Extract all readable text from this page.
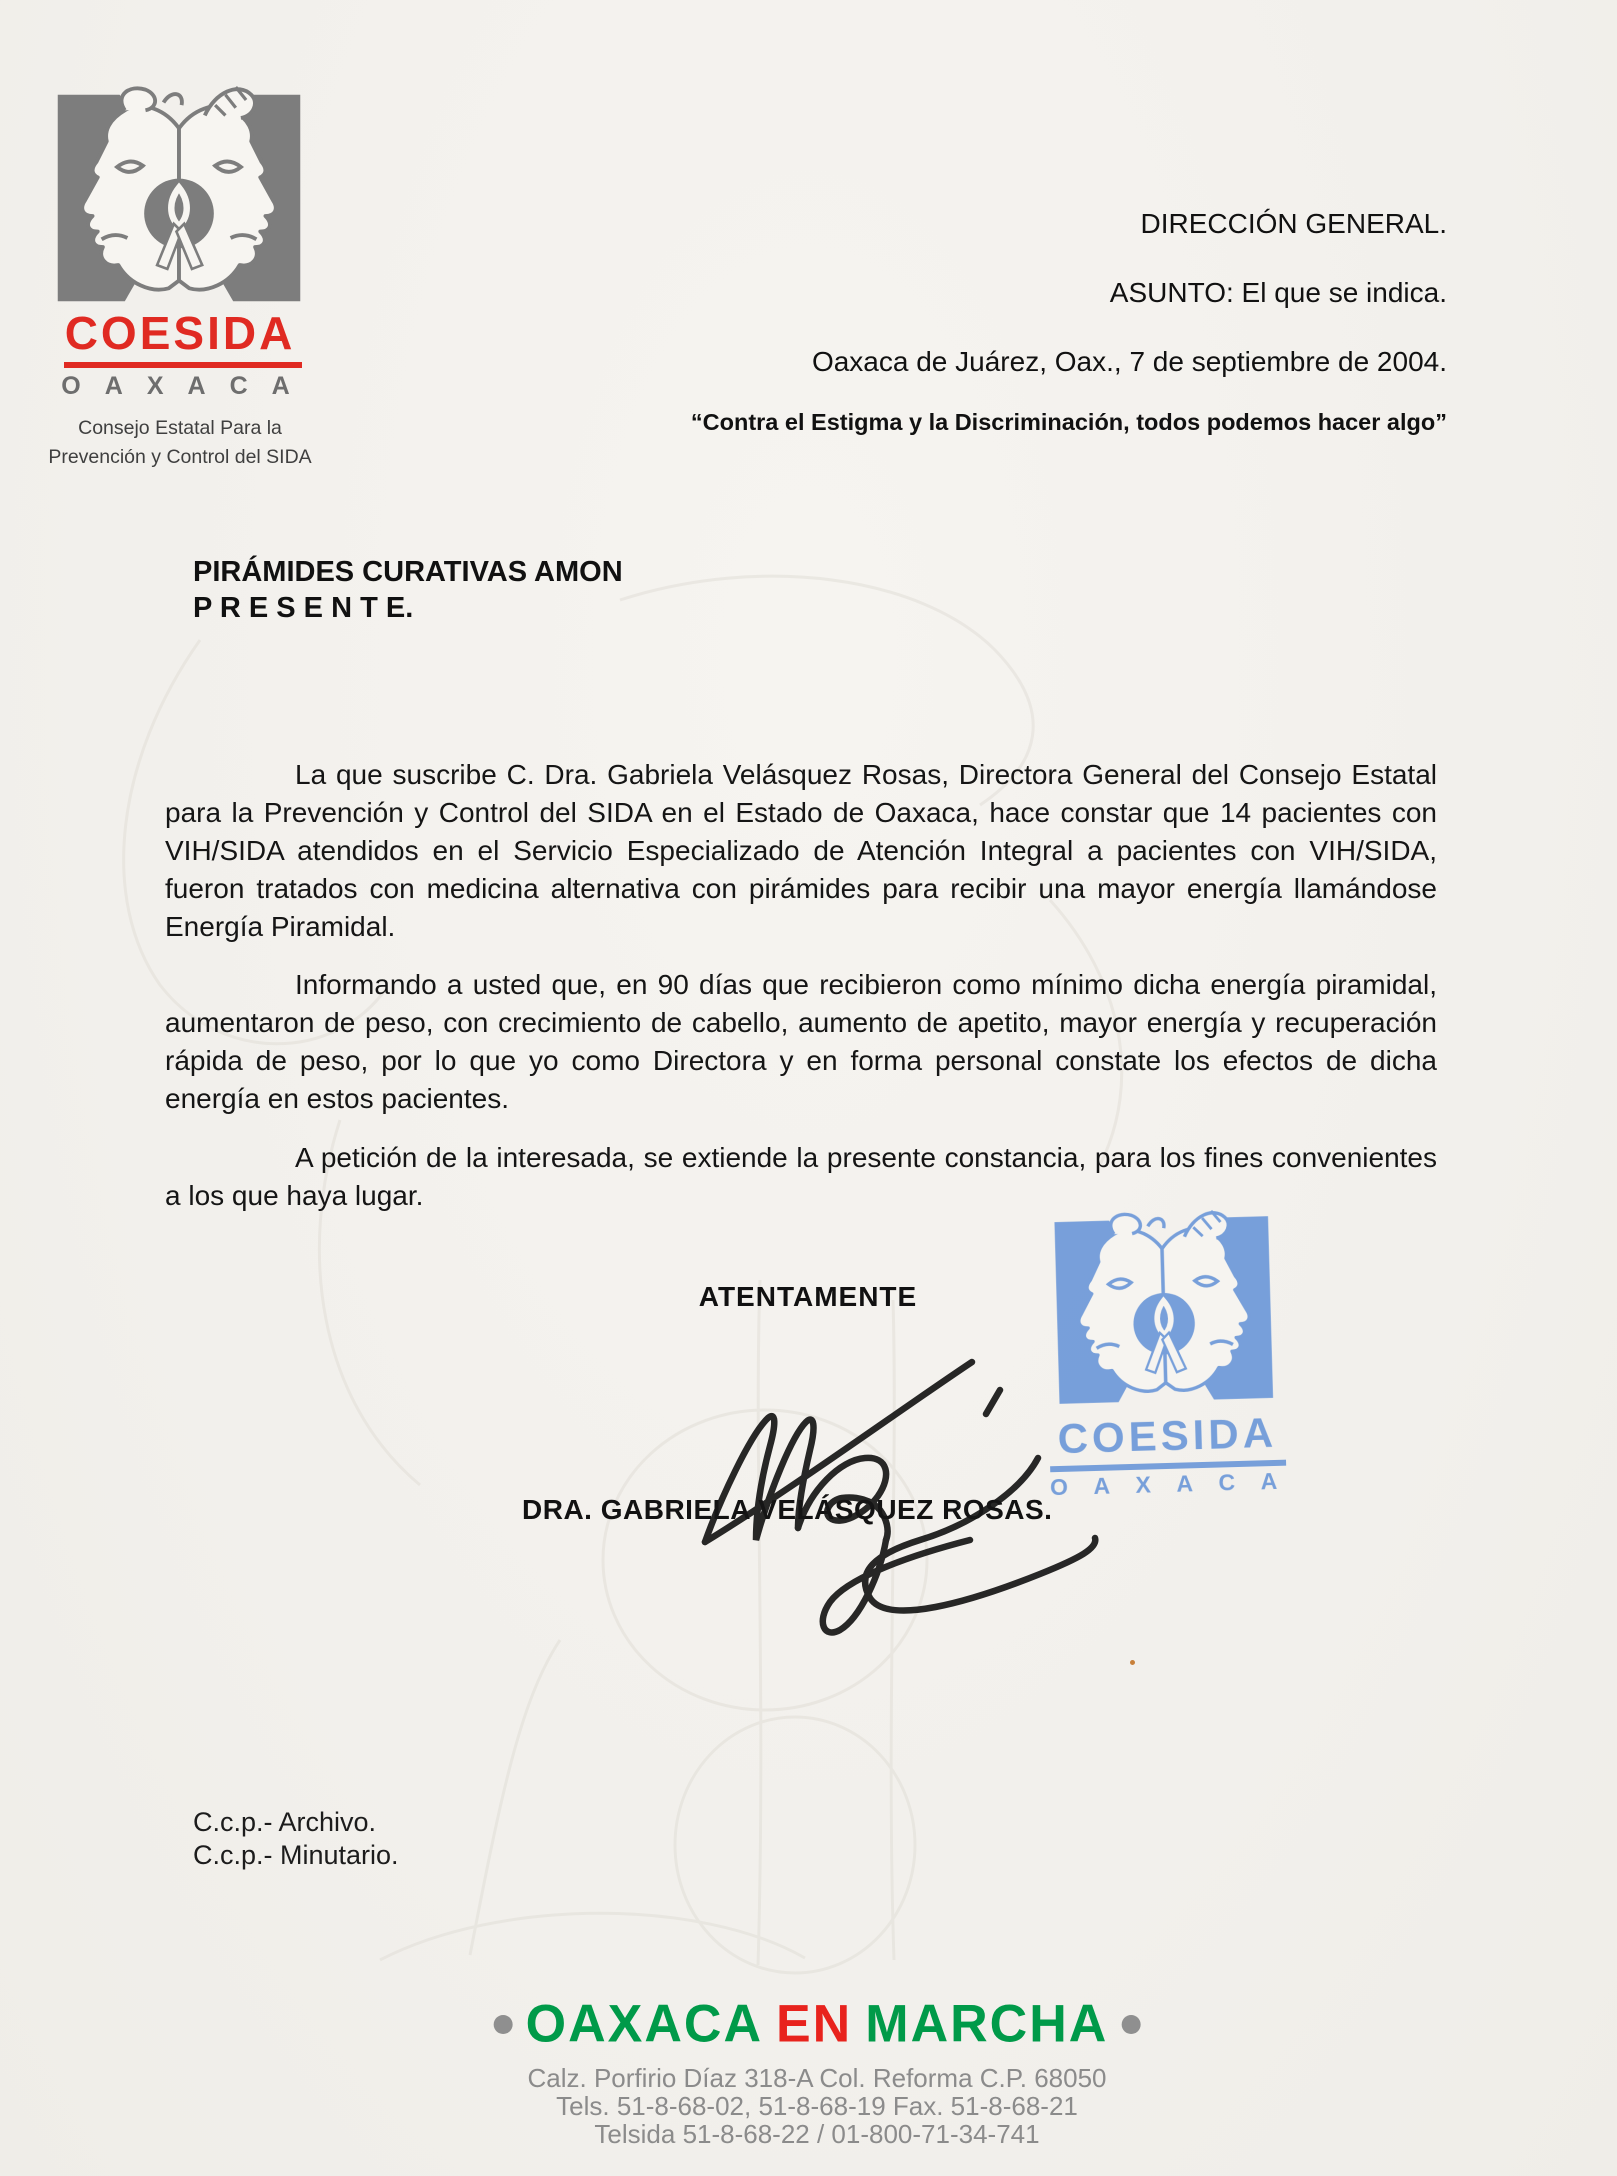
COESIDA
O A X A C A
Consejo Estatal Para la
Prevención y Control del SIDA
DIRECCIÓN GENERAL.
ASUNTO: El que se indica.
Oaxaca de Juárez, Oax., 7 de septiembre de 2004.
“Contra el Estigma y la Discriminación, todos podemos hacer algo”
PIRÁMIDES CURATIVAS AMON
P R E S E N T E.

La que suscribe C. Dra. Gabriela Velásquez Rosas, Directora General del Consejo Estatal para la Prevención y Control del SIDA en el Estado de Oaxaca, hace constar que 14 pacientes con VIH/SIDA atendidos en el Servicio Especializado de Atención Integral a pacientes con VIH/SIDA, fueron tratados con medicina alternativa con pirámides para recibir una mayor energía llamándose Energía Piramidal.

Informando a usted que, en 90 días que recibieron como mínimo dicha energía piramidal, aumentaron de peso, con crecimiento de cabello, aumento de apetito, mayor energía y recuperación rápida de peso, por lo que yo como Directora y en forma personal constate los efectos de dicha energía en estos pacientes.

A petición de la interesada, se extiende la presente constancia, para los fines convenientes a los que haya lugar.

ATENTAMENTE
COESIDA
O A X A C A
DRA. GABRIELA VELÁSQUEZ ROSAS.
C.c.p.- Archivo.
C.c.p.- Minutario.
OAXACA EN MARCHA
Calz. Porfirio Díaz 318-A Col. Reforma C.P. 68050
Tels. 51-8-68-02, 51-8-68-19 Fax. 51-8-68-21
Telsida 51-8-68-22 / 01-800-71-34-741
